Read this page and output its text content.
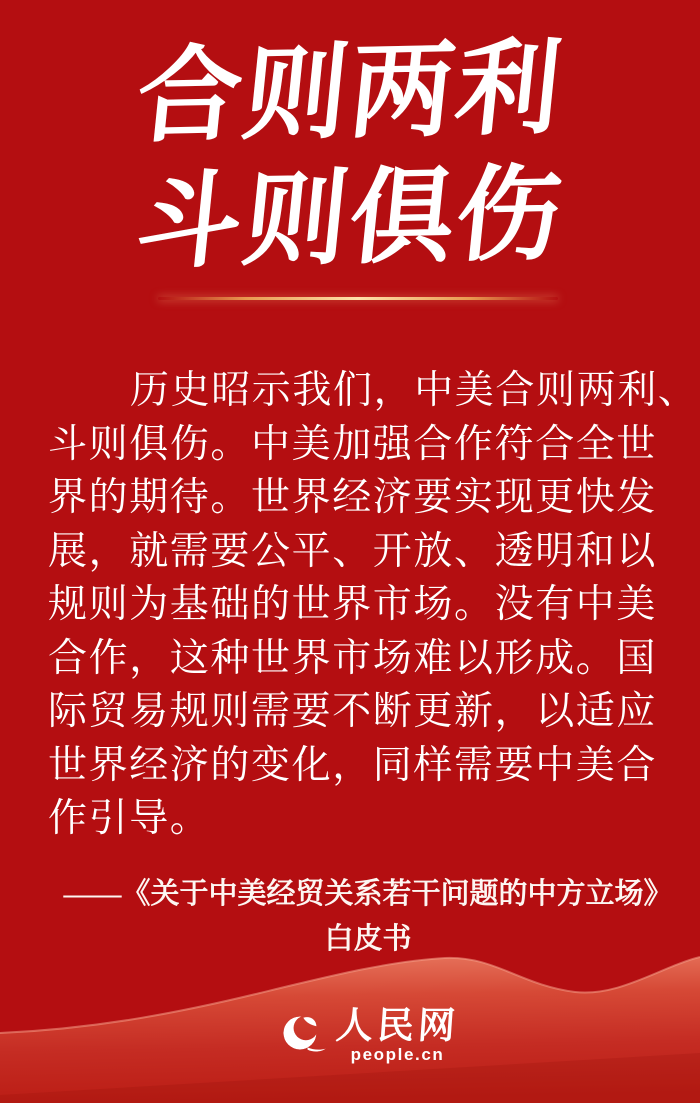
合则两利
斗则俱伤
历史昭示我们，中美合则两利、
斗则俱伤。中美加强合作符合全世
界的期待。世界经济要实现更快发
展，就需要公平、开放、透明和以
规则为基础的世界市场。没有中美
合作，这种世界市场难以形成。国
际贸易规则需要不断更新，以适应
世界经济的变化，同样需要中美合
作引导。
——《关于中美经贸关系若干问题的中方立场》
白皮书
人民网
people.cn
